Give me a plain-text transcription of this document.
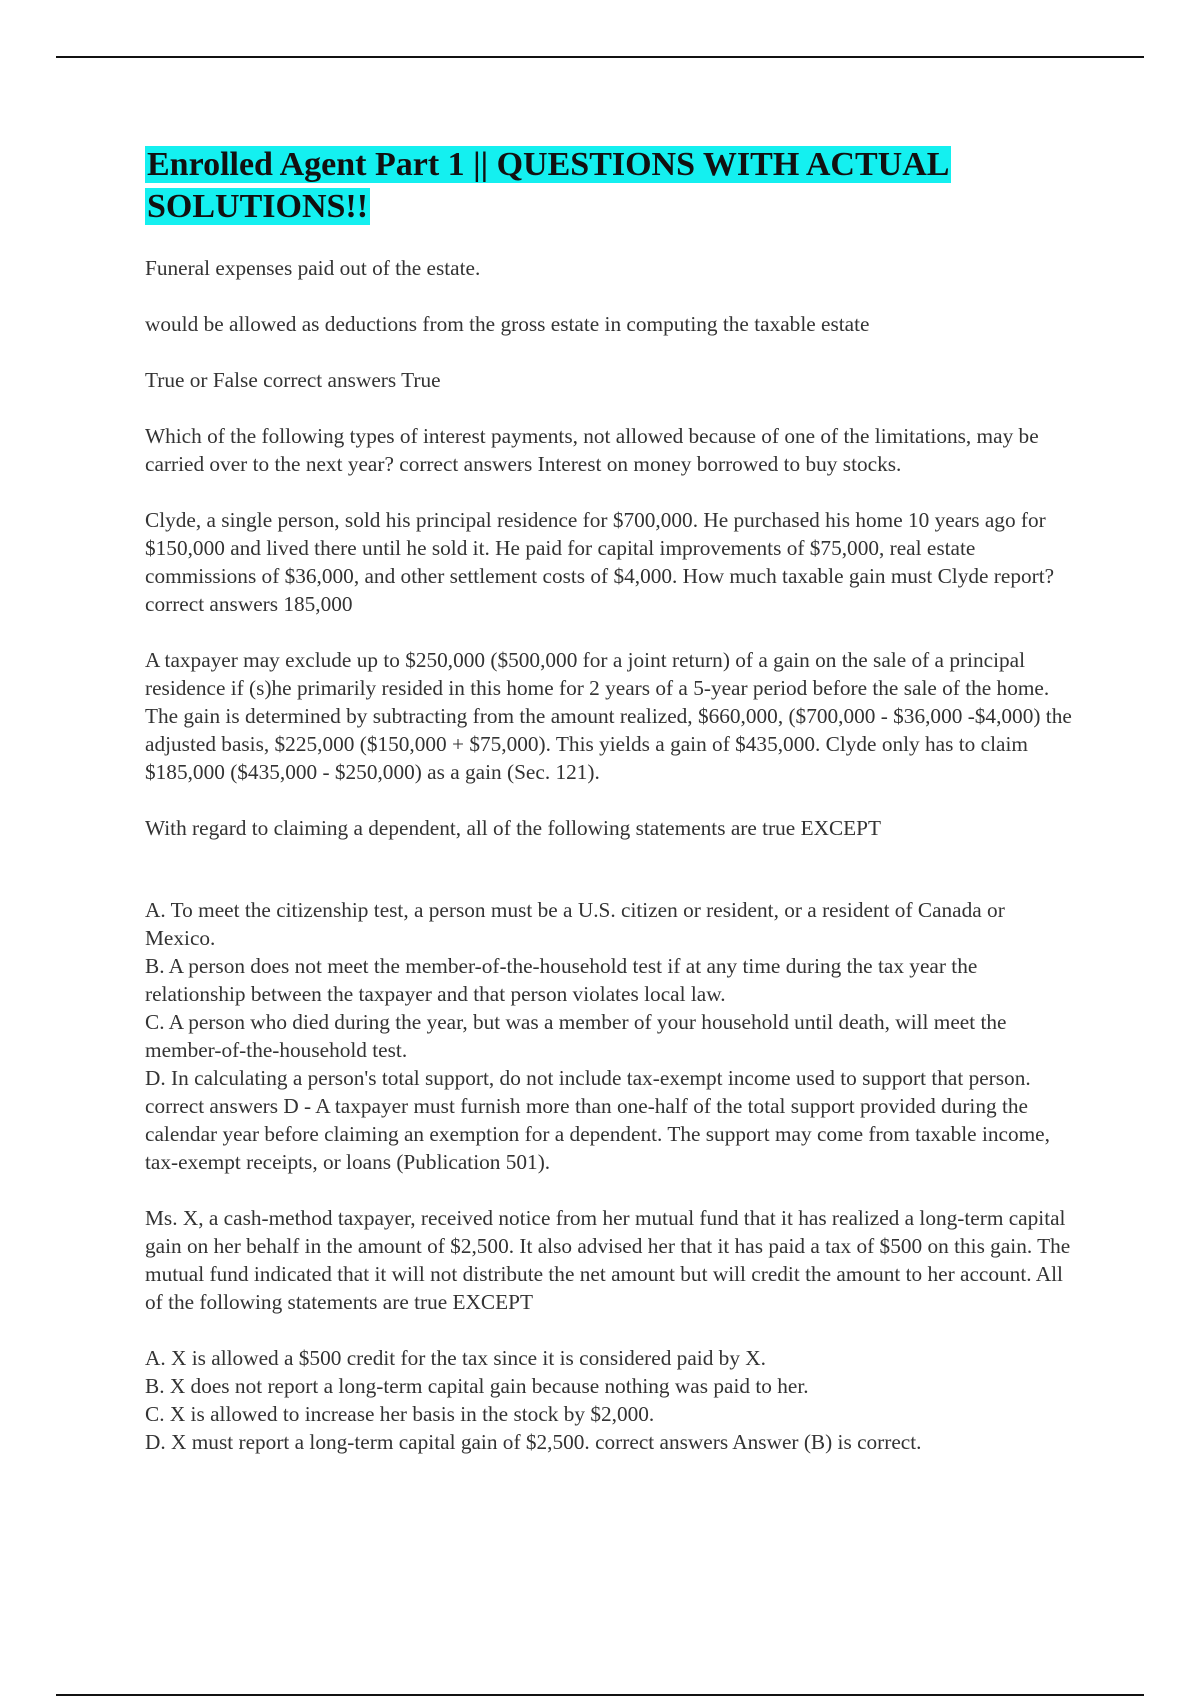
Enrolled Agent Part 1 || QUESTIONS WITH ACTUAL SOLUTIONS!!

Funeral expenses paid out of the estate.

would be allowed as deductions from the gross estate in computing the taxable estate

True or False correct answers True

Which of the following types of interest payments, not allowed because of one of the limitations, may be carried over to the next year? correct answers Interest on money borrowed to buy stocks.

Clyde, a single person, sold his principal residence for $700,000. He purchased his home 10 years ago for $150,000 and lived there until he sold it. He paid for capital improvements of $75,000, real estate commissions of $36,000, and other settlement costs of $4,000. How much taxable gain must Clyde report? correct answers 185,000

A taxpayer may exclude up to $250,000 ($500,000 for a joint return) of a gain on the sale of a principal residence if (s)he primarily resided in this home for 2 years of a 5-year period before the sale of the home. The gain is determined by subtracting from the amount realized, $660,000, ($700,000 - $36,000 -$4,000) the adjusted basis, $225,000 ($150,000 + $75,000). This yields a gain of $435,000. Clyde only has to claim $185,000 ($435,000 - $250,000) as a gain (Sec. 121).

With regard to claiming a dependent, all of the following statements are true EXCEPT

A. To meet the citizenship test, a person must be a U.S. citizen or resident, or a resident of Canada or Mexico.
B. A person does not meet the member-of-the-household test if at any time during the tax year the relationship between the taxpayer and that person violates local law.
C. A person who died during the year, but was a member of your household until death, will meet the member-of-the-household test.
D. In calculating a person's total support, do not include tax-exempt income used to support that person. correct answers D - A taxpayer must furnish more than one-half of the total support provided during the calendar year before claiming an exemption for a dependent. The support may come from taxable income, tax-exempt receipts, or loans (Publication 501).

Ms. X, a cash-method taxpayer, received notice from her mutual fund that it has realized a long-term capital gain on her behalf in the amount of $2,500. It also advised her that it has paid a tax of $500 on this gain. The mutual fund indicated that it will not distribute the net amount but will credit the amount to her account. All of the following statements are true EXCEPT

A. X is allowed a $500 credit for the tax since it is considered paid by X.
B. X does not report a long-term capital gain because nothing was paid to her.
C. X is allowed to increase her basis in the stock by $2,000.
D. X must report a long-term capital gain of $2,500. correct answers Answer (B) is correct.
